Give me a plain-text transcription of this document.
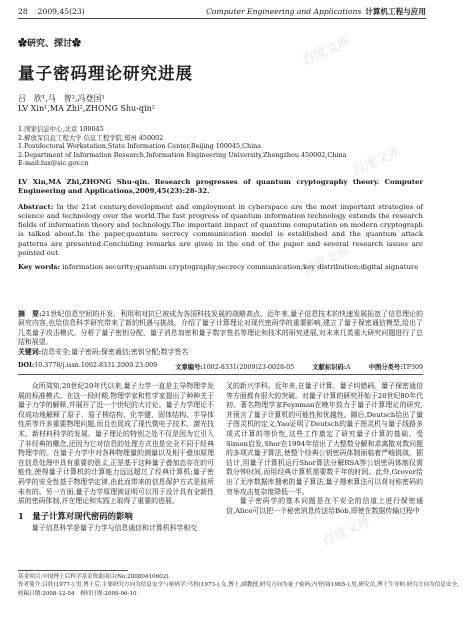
百度文库
百度文库
百度文库
百度文库
百度文库
28 2009,45(23)	Computer Engineering and Applications 计算机工程与应用
✿研究、探讨✿
量子密码理论研究进展
吕　欣¹,马　智²,冯登国¹
LV Xin¹,MA Zhi²,ZHONG Shu-qin²
1.国家信息中心,北京 100045
2.解放军信息工程大学 信息工程学院,郑州 450002
1.Postdoctoral Workstation,State Information Center,Beijing 100045,China
2.Department of Information Research,Information Engineering University,Zhengzhou 450002,China
E-mail:lux@sic.gov.cn
LV Xin,MA Zhi,ZHONG Shu-qin. Research progresses of quantum cryptography theory. Computer Engineering and Applications,2009,45(23):28-32.
Abstract: In the 21st century,development and employment in cyberspace are the most important strategies of science and technology over the world.The fast progress of quantum information technology extends the research fields of information theory and technology.The important impact of quantum computation on modern cryptograph is talked about.In the paper,quantum secrecy communication model is established and the quantum attack patterns are presented.Concluding remarks are given in the end of the paper and several research issues are pointed out.
Key words: information security;quantum cryptography;secrecy communication;key distribution;digital signature
摘　要:21世纪信息空间的开发、利用和对抗已被成为各国科技发展的战略高点。近年来,量子信息技术的快速发展拓宽了信息理论的研究内容,也给信息科学研究带来了新的机遇与挑战。介绍了量子计算理论对现代密码学的重要影响,建立了量子保密通信模型,给出了几类量子攻击模式。分析了量子密钥分配、量子消息加密和量子数字签名等理论和技术的研究进展,对未来几类重大研究问题进行了总结和展望。
关键词:信息安全;量子密码;保密通信;密钥分配;数字签名
DOI:10.3778/j.issn.1002-8331.2009.23.009	文章编号:1002-8331(2009)23-0028-05	文献标识码:A	中图分类号:TP309

众所周知,20世纪20年代以来,量子力学一直是主导物理学发展的标准模式。在这一段时期,物理学家和哲学家提出了种种关于量子力学的解释,并展开了近一个世纪的大讨论。量子力学理论不仅成功地解释了原子、原子核结构、化学键、固体结构、半导体性质等许多重要物理问题,而且也促成了现代微电子技术、激光技术、新材料科学的发展。量子理论的特别之处不仅是因为它引入了非经典的概念,还因为它对信息的处理方式也是完全不同于经典物理学的。在量子力学中对各种物理量的测量以及相干叠加原理在信息处理中具有重要的意义,正是基于这种量子叠加态存在的可能性,使得量子计算机的计算能力远远超过了经典计算机;量子密码学的安全性基于物理学定律,由此而带来的信息保护方式是前所未有的。另一方面,量子力学原理被证明可以用于设计具有全新性质的密码体制,并在理论和实践上取得了重要的进展。

1　量子计算对现代密码的影响

量子信息科学是量子力学与信息通信和计算机科学相交

叉的新兴学科。近年来,在量子计算、量子纠错码、量子保密通信等方面都有很大的突破。对量子计算的研究开始于20世纪80年代初。著名物理学家Feynman在晚年致力于量子计算理论的研究,并预言了量子计算机的可能性和优越性。随后,Deutsch给出了量子图灵机的定义,Yao证明了Deutsch的量子图灵机与量子线路多项式计算的等价性,这些工作奠定了研究量子计算的基础。受Simon启发,Shor在1994年给出了大整数分解和求离散对数问题的多项式量子算法,使整个经典公钥密码体制面临着严峻挑战。据估计,用量子计算机运行Shor算法分解RSA等公钥密码体制仅需数分钟时间,而用经典计算机需要数千年的时间。此外,Grover给出了无序数据库搜索的量子算法,量子搜索算法可以将对称密码的穷举攻击复杂度降低一半。

量子密码学的基本问题是在不安全的信道上进行保密通信,Alice可以把一个秘密消息传送给Bob,即使在数据传输过程中

基金项目:中国博士后科学基金资助项目(No.20080410602)。
作者简介:吕欣(1977-),男,博士后,主要研究方向为信息安全与密码学;马智(1973-),女,博士,副教授,研究方向为量子密码;冯登国(1965-),男,研究员,博士生导师,研究方向为信息安全。
收稿日期:2008-12-04　修回日期:2009-06-10
